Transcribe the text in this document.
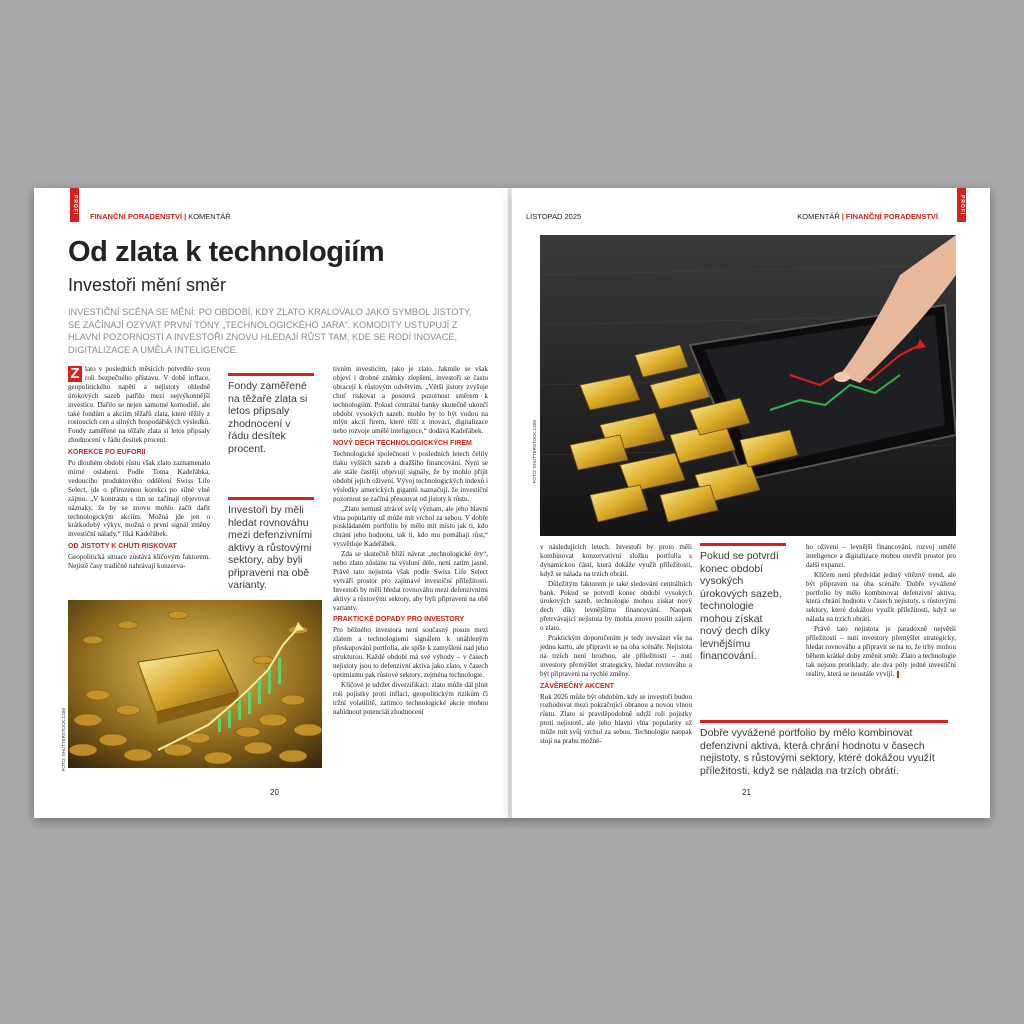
PROFI
FINANČNÍ PORADENSTVÍ | KOMENTÁŘ
Od zlata k technologiím
Investoři mění směr
INVESTIČNÍ SCÉNA SE MĚNÍ: PO OBDOBÍ, KDY ZLATO KRALOVALO JAKO SYMBOL JISTOTY, SE ZAČÍNAJÍ OZÝVAT PRVNÍ TÓNY „TECHNOLOGICKÉHO JARA“. KOMODITY USTUPUJÍ Z HLAVNÍ POZORNOSTI A INVESTOŘI ZNOVU HLEDAJÍ RŮST TAM, KDE SE RODÍ INOVACE, DIGITALIZACE A UMĚLÁ INTELIGENCE.

Z lato v posledních měsících potvrdilo svou roli bezpečného přístavu. V době inflace, geopolitického napětí a nejistoty ohledně úrokových sazeb patřilo mezi nejvýkonnější investice. Dařilo se nejen samotné komoditě, ale také fondům a akciím těžařů zlata, které těžily z rostoucích cen a silných hospodářských výsledků. Fondy zaměřené na těžaře zlata si letos připsaly zhodnocení v řádu desítek procent.

KOREKCE PO EUFORII

Po dlouhém období růstu však zlato zaznamenalo mírné oslabení. Podle Toma Kadeřábka, vedoucího produktového oddělení Swiss Life Select, jde o přirozenou korekci po silné vlně zájmu. „V kontrastu s tím se začínají objevovat náznaky, že by se znovu mohlo začít dařit technologickým akciím. Možná jde jen o krátkodobý výkyv, možná o první signál změny investiční nálady,“ říká Kadeřábek.

OD JISTOTY K CHUTI RISKOVAT

Geopolitická situace zůstává klíčovým faktorem. Nejistě časy tradičně nahrávají konzerva-

Fondy zaměřené na těžaře zlata si letos připsaly zhodnocení v řádu desítek procent.
Investoři by měli hledat rovnováhu mezi defenzivními aktivy a růstovými sektory, aby byli připraveni na obě varianty.

tivním investicím, jako je zlato. Jakmile se však objeví i drobné známky zlepšení, investoři se často obracejí k růstovým odvětvím. „Větší jistoty zvyšuje chuť riskovat a posouvá pozornost směrem k technologiím. Pokud centrální banky skutečně ukončí období vysokých sazeb, mohlo by to být vodou na mlýn akcií firem, které těží z inovací, digitalizace nebo rozvoje umělé inteligence,“ dodává Kadeřábek.

NOVÝ DECH TECHNOLOGICKÝCH FIREM

Technologické společnosti v posledních letech čelily tlaku vyšších sazeb a dražšího financování. Nyní se ale stále častěji objevují signály, že by mohlo přijít období jejich oživení. Vývoj technologických indexů i výsledky amerických gigantů naznačují, že investiční pozornost se začíná přesouvat od jistoty k růstu.

„Zlato nemusí ztrácet svůj význam, ale jeho hlavní vlna popularity už může mít vrchol za sebou. V dobře poskládaném portfoliu by mělo mít místo jak ti, kdo chrání jeho hodnotu, tak ti, kdo mu pomáhají růst,“ vysvětluje Kadeřábek.

Zda se skutečně blíží návrat „technologické éry“, nebo zlato zůstane na výsluní déle, není zatím jasné. Právě tato nejistota však podle Swiss Life Select vytváří prostor pro zajímavé investiční příležitosti. Investoři by měli hledat rovnováhu mezi defenzivními aktivy a růstovými sektory, aby byli připraveni na obě varianty.

PRAKTICKÉ DOPADY PRO INVESTORY

Pro běžného investora není současný posun mezi zlatem a technologiemi signálem k unáhleným přeskupování portfolia, ale spíše k zamyšlení nad jeho strukturou. Každé období má své výhody – v časech nejistoty jsou to defenzivní aktiva jako zlato, v časech optimismu pak růstové sektory, zejména technologie.

Klíčové je udržet diverzifikaci: zlato může dál plnit roli pojistky proti inflaci, geopolitickým rizikům či tržní volatilitě, zatímco technologické akcie mohou nabídnout potenciál zhodnocení

FOTO: SHUTTERSTOCK.COM
20
PROFI
LISTOPAD 2025	KOMENTÁŘ | FINANČNÍ PORADENSTVÍ
FOTO: SHUTTERSTOCK.COM

v následujících letech. Investoři by proto měli kombinovat konzervativní složku portfolia s dynamickou částí, která dokáže využít příležitosti, když se nálada na trzích obrátí.

Důležitým faktorem je také sledování centrálních bank. Pokud se potvrdí konec období vysokých úrokových sazeb, technologie mohou získat nový dech díky levnějšímu financování. Naopak přetrvávající nejistota by mohla znovu posílit zájem o zlato.

Praktickým doporučením je tedy nevsázet vše na jednu kartu, ale připravit se na oba scénáře. Nejistota na trzích není hrozbou, ale příležitostí – nutí investory přemýšlet strategicky, hledat rovnováhu a být připraveni na rychlé změny.

ZÁVĚREČNÝ AKCENT

Rok 2026 může být obdobím, kdy se investoři budou rozhodovat mezi pokračující obranou a novou vlnou růstu. Zlato si pravděpodobně udrží roli pojistky proti nejistotě, ale jeho hlavní vlna popularity už může mít svůj vrchol za sebou. Technologie naopak stojí na prahu možné-

Pokud se potvrdí konec období vysokých úrokových sazeb, technologie mohou získat nový dech díky levnějšímu financování.

ho oživení – levnější financování, rozvoj umělé inteligence a digitalizace mohou otevřít prostor pro další expanzi.

Klíčem není předvídat jediný vítězný trend, ale být připraven na oba scénáře. Dobře vyvážené portfolio by mělo kombinovat defenzivní aktiva, která chrání hodnotu v časech nejistoty, s růstovými sektory, které dokážou využít příležitosti, když se nálada na trzích obrátí.

Právě tato nejistota je paradoxně největší příležitostí – nutí investory přemýšlet strategicky, hledat rovnováhu a připravit se na to, že trhy mohou během krátké doby změnit směr. Zlato a technologie tak nejsou protiklady, ale dva póly jedné investiční reality, která se neustále vyvíjí.

Dobře vyvážené portfolio by mělo kombinovat defenzivní aktiva, která chrání hodnotu v časech nejistoty, s růstovými sektory, které dokážou využít příležitosti, když se nálada na trzích obrátí.
21
